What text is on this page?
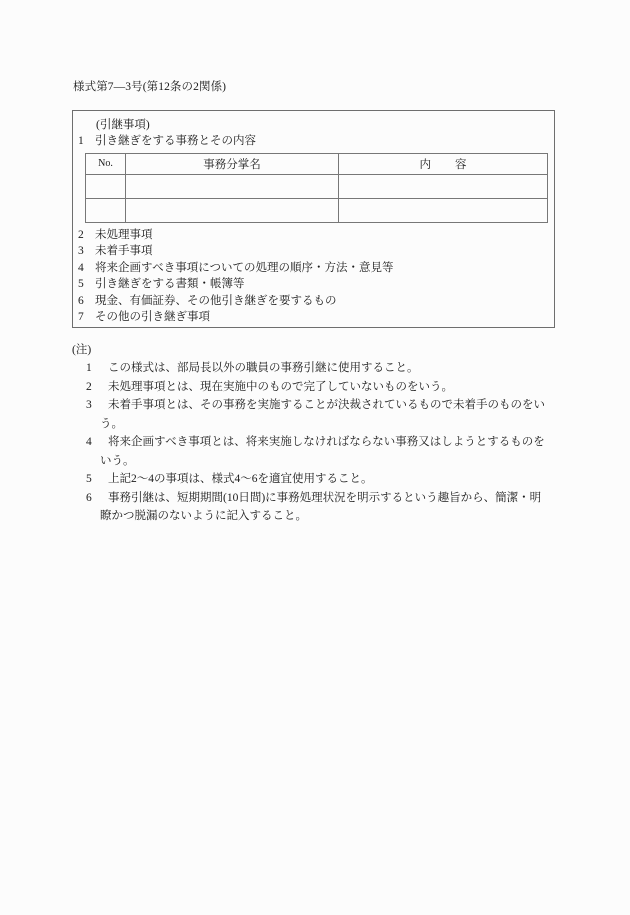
様式第7―3号(第12条の2関係)
(引継事項)
1 引き継ぎをする事務とその内容
No.	事務分掌名	内 容

2 未処理事項
3 未着手事項
4 将来企画すべき事項についての処理の順序・方法・意見等
5 引き継ぎをする書類・帳簿等
6 現金、有価証券、その他引き継ぎを要するもの
7 その他の引き継ぎ事項
(注)
1	この様式は、部局長以外の職員の事務引継に使用すること。
2	未処理事項とは、現在実施中のもので完了していないものをいう。
3	未着手事項とは、その事務を実施することが決裁されているもので未着手のものをい
う。
4	将来企画すべき事項とは、将来実施しなければならない事務又はしようとするものを
いう。
5	上記2〜4の事項は、様式4〜6を適宜使用すること。
6	事務引継は、短期期間(10日間)に事務処理状況を明示するという趣旨から、簡潔・明
瞭かつ脱漏のないように記入すること。
